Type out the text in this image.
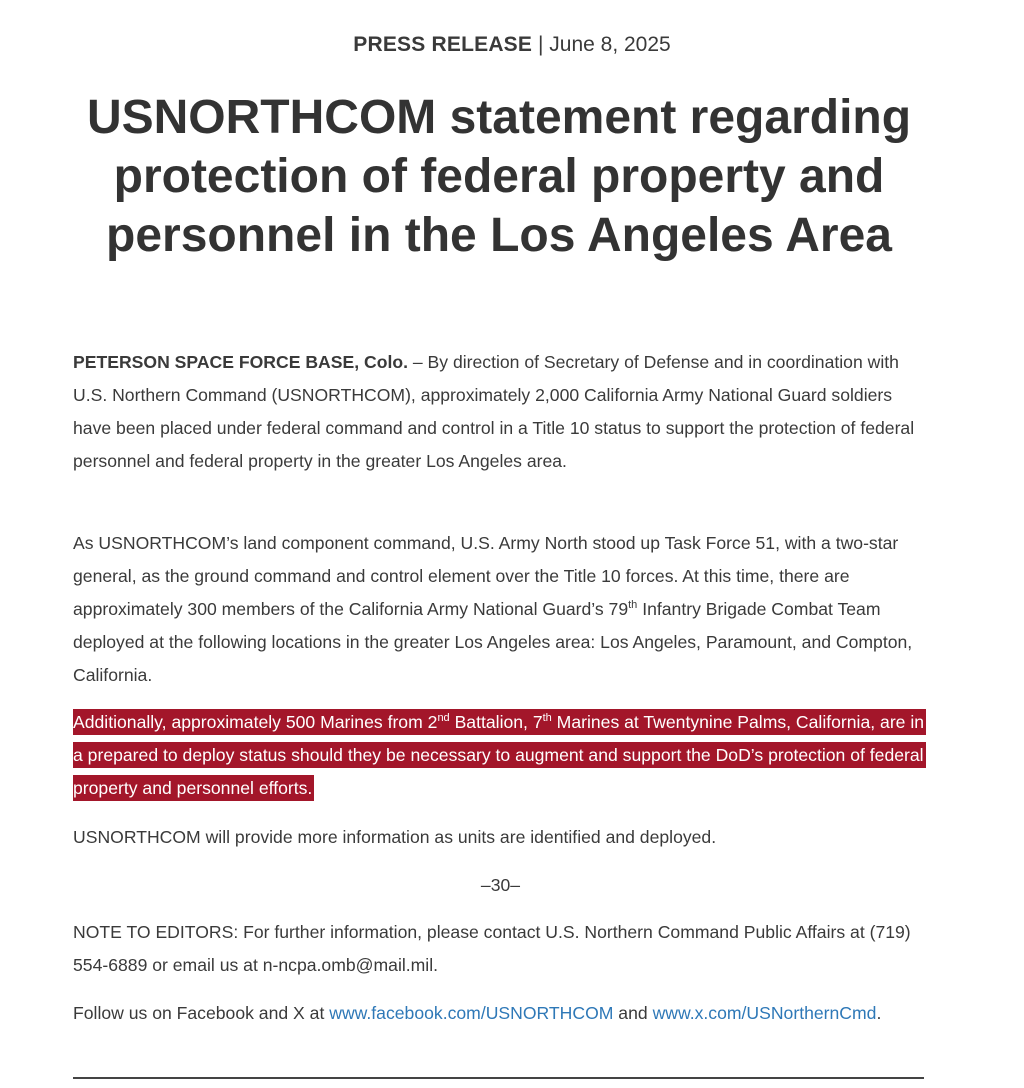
PRESS RELEASE | June 8, 2025
USNORTHCOM statement regarding protection of federal property and personnel in the Los Angeles Area

PETERSON SPACE FORCE BASE, Colo. – By direction of Secretary of Defense and in coordination with U.S. Northern Command (USNORTHCOM), approximately 2,000 California Army National Guard soldiers have been placed under federal command and control in a Title 10 status to support the protection of federal personnel and federal property in the greater Los Angeles area.

As USNORTHCOM’s land component command, U.S. Army North stood up Task Force 51, with a two-star general, as the ground command and control element over the Title 10 forces. At this time, there are approximately 300 members of the California Army National Guard’s 79th Infantry Brigade Combat Team deployed at the following locations in the greater Los Angeles area: Los Angeles, Paramount, and Compton, California.

Additionally, approximately 500 Marines from 2nd Battalion, 7th Marines at Twentynine Palms, California, are in a prepared to deploy status should they be necessary to augment and support the DoD’s protection of federal property and personnel efforts.

USNORTHCOM will provide more information as units are identified and deployed.

–30–

NOTE TO EDITORS: For further information, please contact U.S. Northern Command Public Affairs at (719) 554-6889 or email us at n-ncpa.omb@mail.mil.

Follow us on Facebook and X at www.facebook.com/USNORTHCOM and www.x.com/USNorthernCmd.
